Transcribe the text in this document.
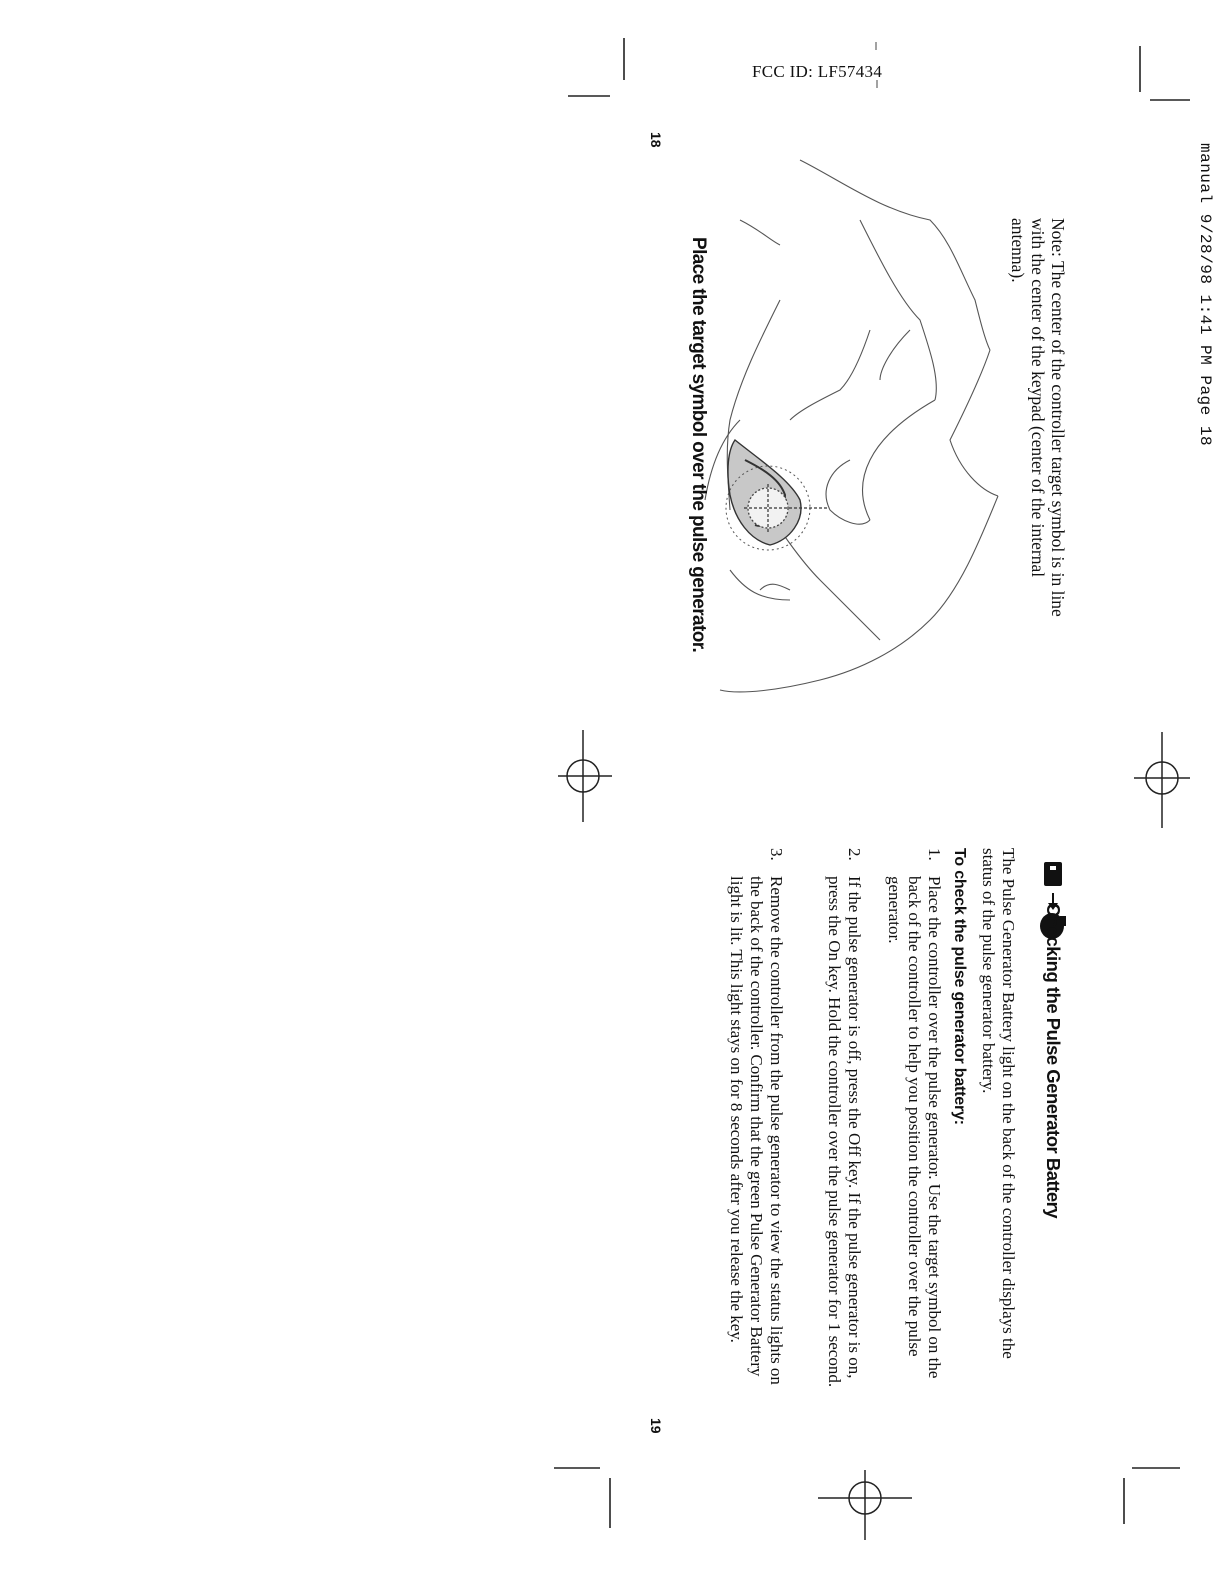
FCC ID: LF57434
manual 9/28/98 1:41 PM Page 18
18
Note: The center of the controller target symbol is in line
with the center of the keypad (center of the internal
antenna).
Place the target symbol over the pulse generator.
Checking the Pulse Generator Battery
The Pulse Generator Battery light on the back of the controller displays the status of the pulse generator battery.
To check the pulse generator battery:
1.
Place the controller over the pulse generator. Use the target symbol on the back of the controller to help you position the controller over the pulse generator.
2.
If the pulse generator is off, press the Off key. If the pulse generator is on, press the On key. Hold the controller over the pulse generator for 1 second.
3.
Remove the controller from the pulse generator to view the status lights on the back of the controller. Confirm that the green Pulse Generator Battery light is lit. This light stays on for 8 seconds after you release the key.
19
